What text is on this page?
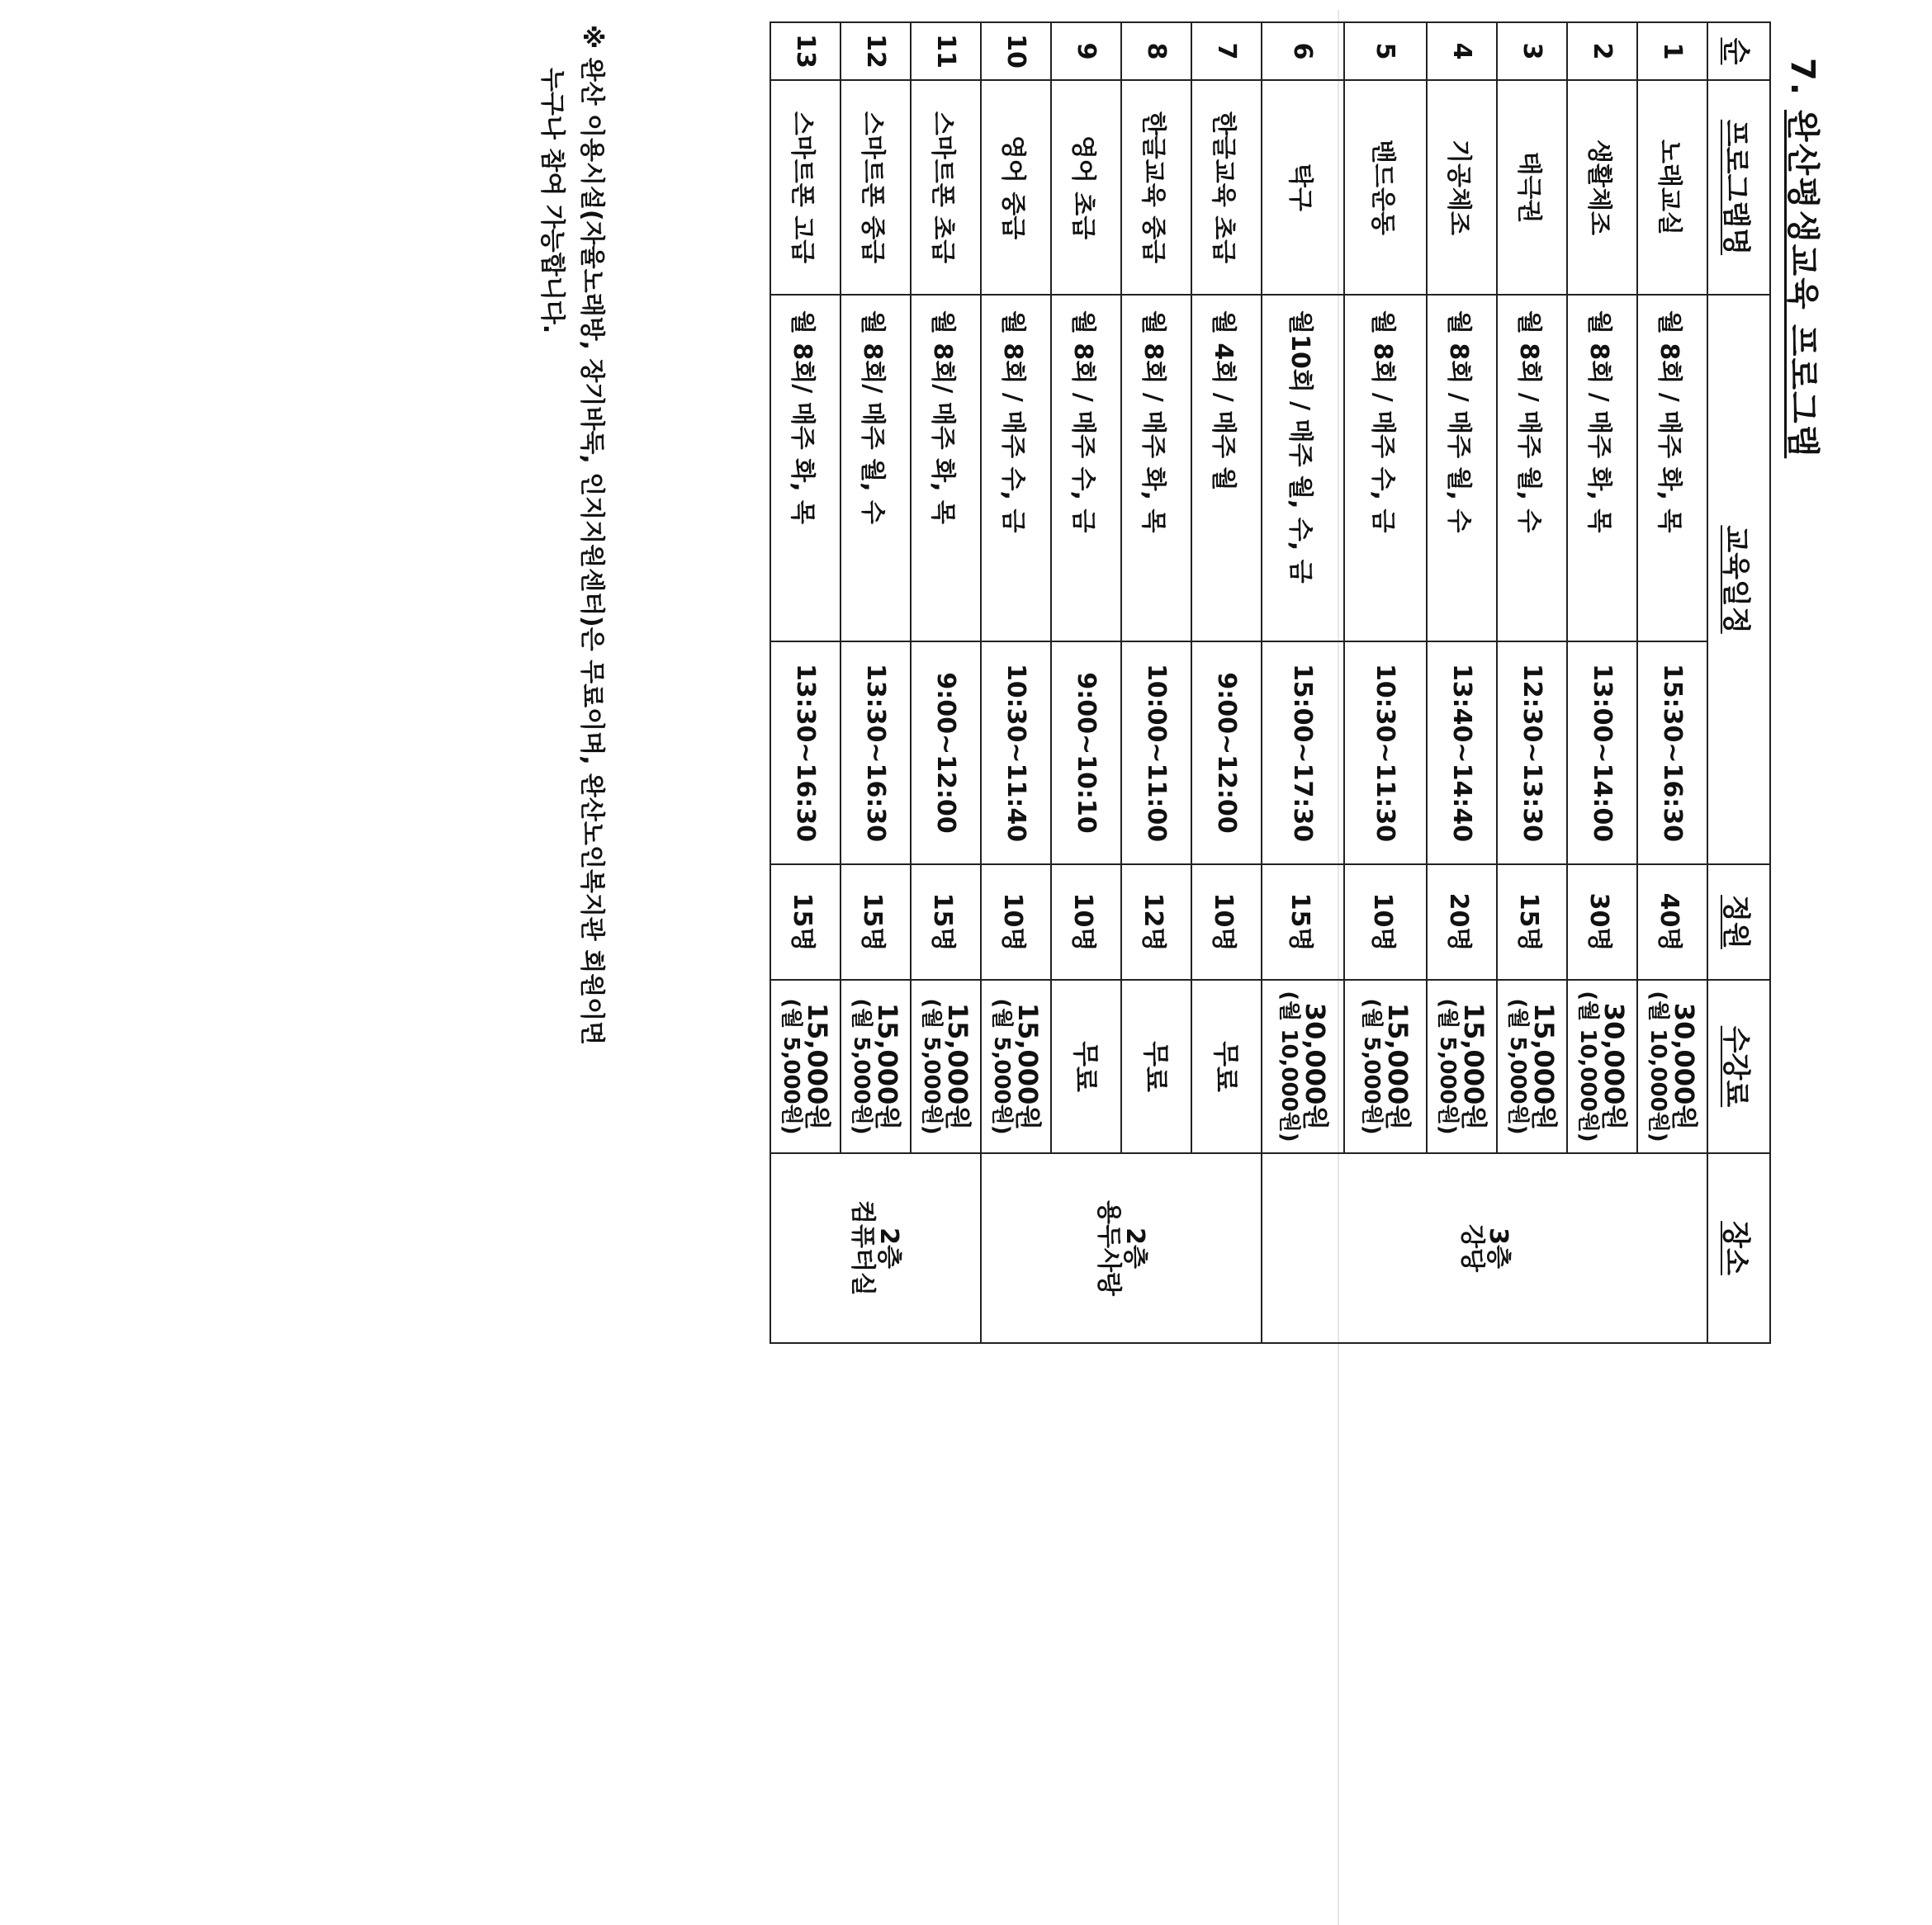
7. 완산평생교육 프로그램
순	프로그램명	교육일정		정원	수강료	장소
1	노래교실	월 8회 / 매주 화, 목	15:30~16:30	40명	30,000원
(월 10,000원)	3층
강당

2	생활체조	월 8회 / 매주 화, 목	13:00~14:00	30명	30,000원
(월 10,000원)	

3	태극권	월 8회 / 매주 월, 수	12:30~13:30	15명	15,000원
(월 5,000원)	

4	기공체조	월 8회 / 매주 월, 수	13:40~14:40	20명	15,000원
(월 5,000원)	

5	밴드운동	월 8회 / 매주 수, 금	10:30~11:30	10명	15,000원
(월 5,000원)	

6	탁구	월10회 / 매주 월, 수, 금	15:00~17:30	15명	30,000원
(월 10,000원)	

7	한글교육 초급	월 4회 / 매주 월	9:00~12:00	10명	무료	2층
용두사랑

8	한글교육 중급	월 8회 / 매주 화, 목	10:00~11:00	12명	무료	

9	영어 초급	월 8회 / 매주 수, 금	9:00~10:10	10명	무료	

10	영어 중급	월 8회 / 매주 수, 금	10:30~11:40	10명	15,000원
(월 5,000원)	

11	스마트폰 초급	월 8회/ 매주 화, 목	9:00~12:00	15명	15,000원
(월 5,000원)	2층
컴퓨터실

12	스마트폰 중급	월 8회/ 매주 월, 수	13:30~16:30	15명	15,000원
(월 5,000원)	

13	스마트폰 고급	월 8회/ 매주 화, 목	13:30~16:30	15명	15,000원
(월 5,000원)	
※ 완산 이용시설(자율노래방, 장기바둑, 인지지원센터)은 무료이며, 완산노인복지관 회원이면
누구나 참여 가능합니다.
